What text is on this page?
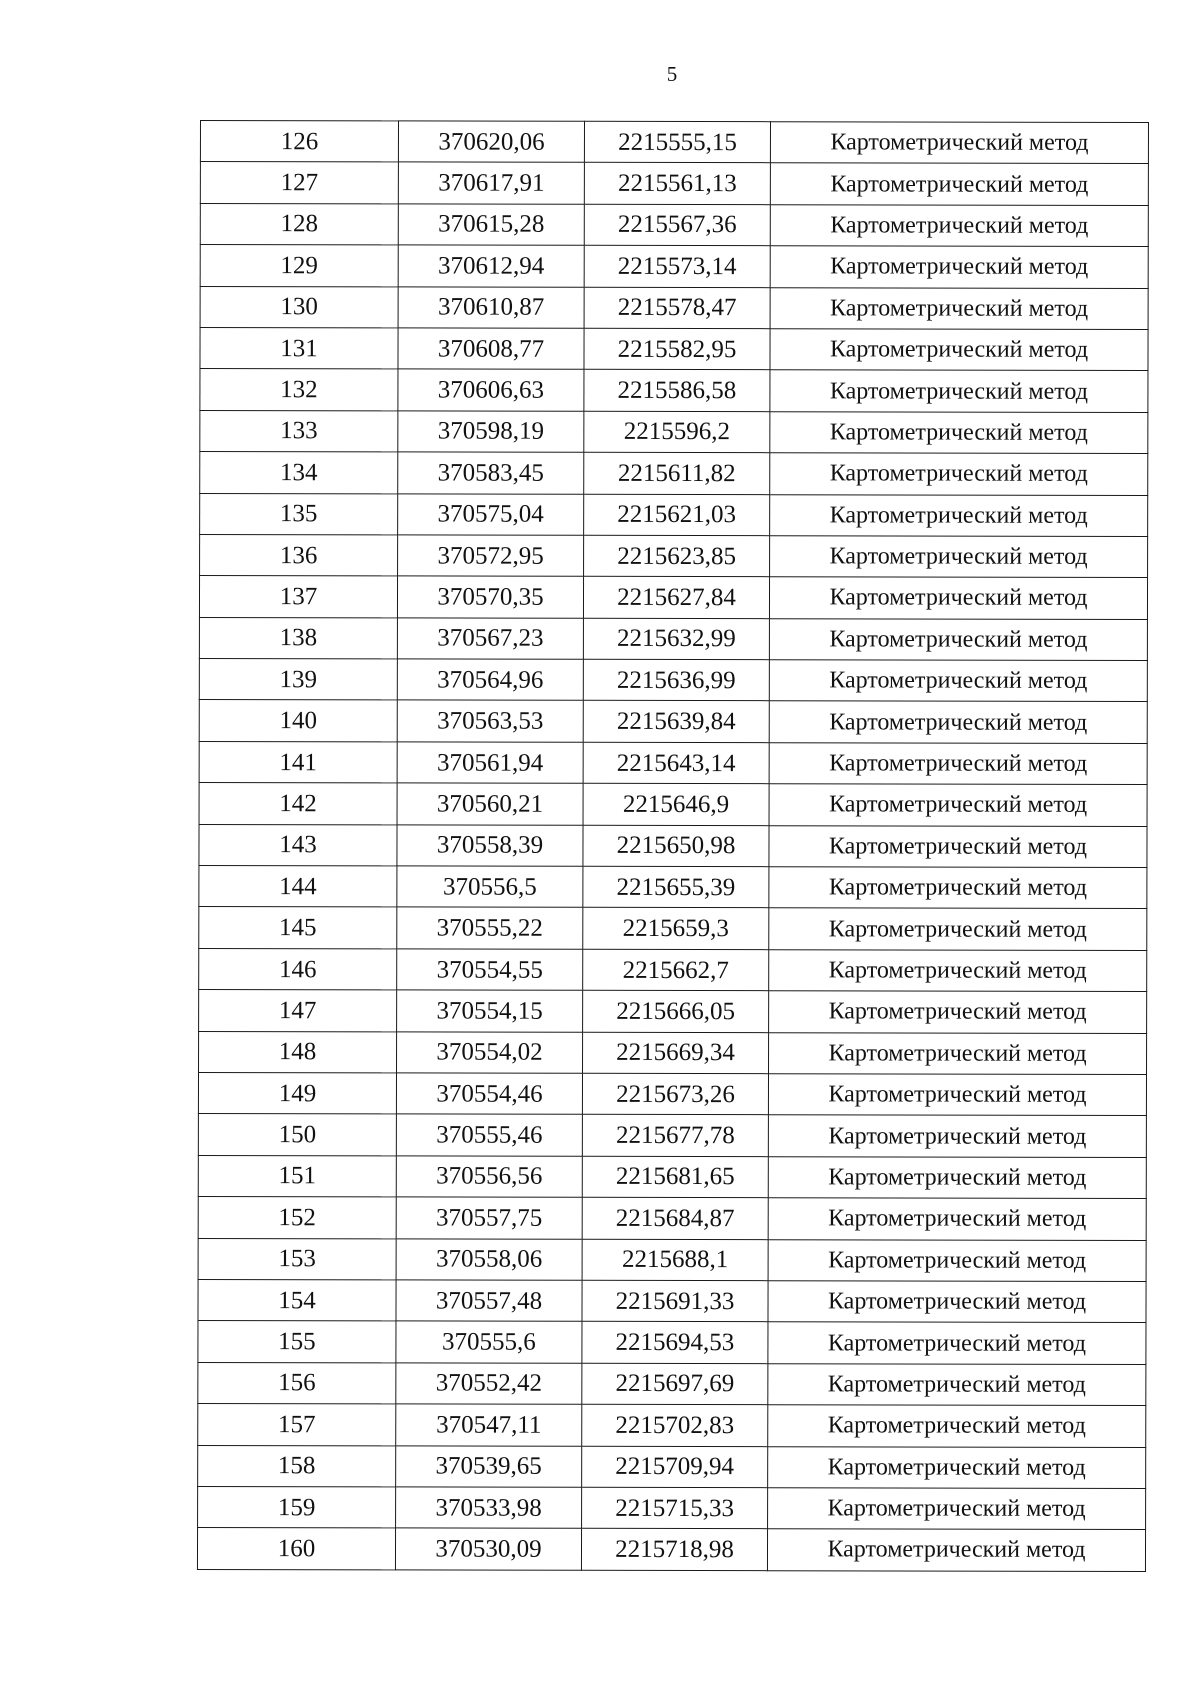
5
126	370620,06	2215555,15	Картометрический метод
127	370617,91	2215561,13	Картометрический метод
128	370615,28	2215567,36	Картометрический метод
129	370612,94	2215573,14	Картометрический метод
130	370610,87	2215578,47	Картометрический метод
131	370608,77	2215582,95	Картометрический метод
132	370606,63	2215586,58	Картометрический метод
133	370598,19	2215596,2	Картометрический метод
134	370583,45	2215611,82	Картометрический метод
135	370575,04	2215621,03	Картометрический метод
136	370572,95	2215623,85	Картометрический метод
137	370570,35	2215627,84	Картометрический метод
138	370567,23	2215632,99	Картометрический метод
139	370564,96	2215636,99	Картометрический метод
140	370563,53	2215639,84	Картометрический метод
141	370561,94	2215643,14	Картометрический метод
142	370560,21	2215646,9	Картометрический метод
143	370558,39	2215650,98	Картометрический метод
144	370556,5	2215655,39	Картометрический метод
145	370555,22	2215659,3	Картометрический метод
146	370554,55	2215662,7	Картометрический метод
147	370554,15	2215666,05	Картометрический метод
148	370554,02	2215669,34	Картометрический метод
149	370554,46	2215673,26	Картометрический метод
150	370555,46	2215677,78	Картометрический метод
151	370556,56	2215681,65	Картометрический метод
152	370557,75	2215684,87	Картометрический метод
153	370558,06	2215688,1	Картометрический метод
154	370557,48	2215691,33	Картометрический метод
155	370555,6	2215694,53	Картометрический метод
156	370552,42	2215697,69	Картометрический метод
157	370547,11	2215702,83	Картометрический метод
158	370539,65	2215709,94	Картометрический метод
159	370533,98	2215715,33	Картометрический метод
160	370530,09	2215718,98	Картометрический метод
